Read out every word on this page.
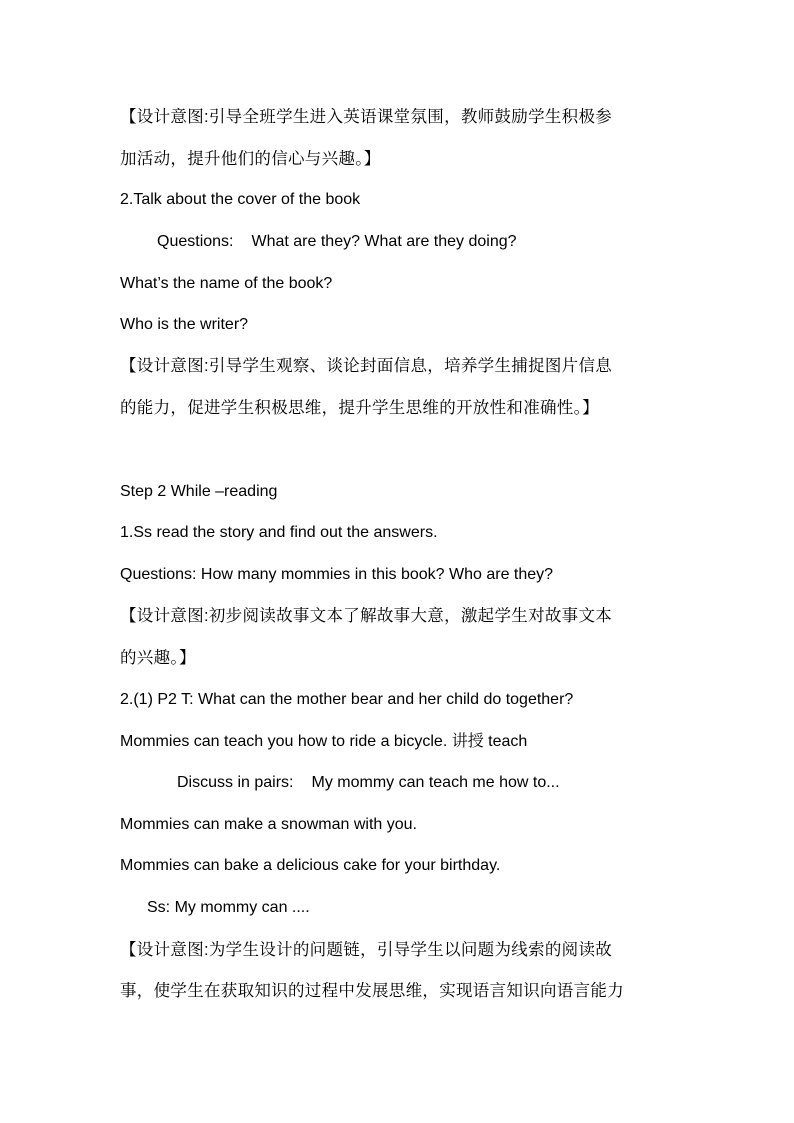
【设计意图:引导全班学生进入英语课堂氛围，教师鼓励学生积极参
加活动，提升他们的信心与兴趣。】
2.Talk about the cover of the book
Questions: What are they? What are they doing?
What’s the name of the book?
Who is the writer?
【设计意图:引导学生观察、谈论封面信息，培养学生捕捉图片信息
的能力，促进学生积极思维，提升学生思维的开放性和准确性。】
Step 2 While –reading
1.Ss read the story and find out the answers.
Questions: How many mommies in this book? Who are they?
【设计意图:初步阅读故事文本了解故事大意，激起学生对故事文本
的兴趣。】
2.(1) P2 T: What can the mother bear and her child do together?
Mommies can teach you how to ride a bicycle. 讲授 teach
Discuss in pairs: My mommy can teach me how to...
Mommies can make a snowman with you.
Mommies can bake a delicious cake for your birthday.
Ss: My mommy can ....
【设计意图:为学生设计的问题链，引导学生以问题为线索的阅读故
事，使学生在获取知识的过程中发展思维，实现语言知识向语言能力
